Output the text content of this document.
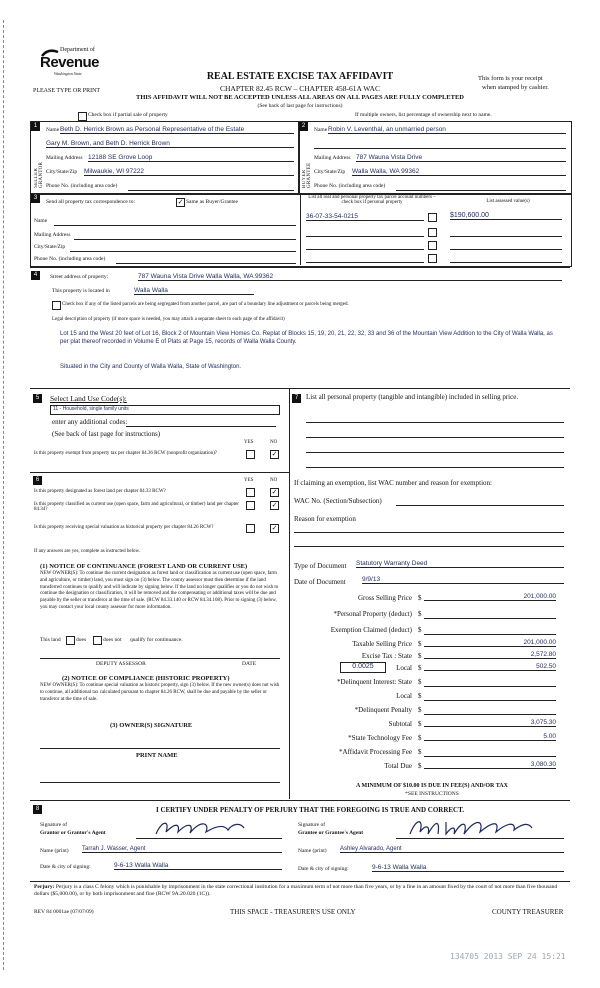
Department of
Revenue
Washington State
PLEASE TYPE OR PRINT
REAL ESTATE EXCISE TAX AFFIDAVIT
CHAPTER 82.45 RCW – CHAPTER 458-61A WAC
THIS AFFIDAVIT WILL NOT BE ACCEPTED UNLESS ALL AREAS ON ALL PAGES ARE FULLY COMPLETED
(See back of last page for instructions)
This form is your receipt
when stamped by cashier.
Check box if partial sale of property	If multiple owners, list percentage of ownership next to name.
1	2
SELLER GRANTOR	BUYER GRANTEE
Name Beth D. Herrick Brown as Personal Representative of the Estate
Gary M. Brown, and Beth D. Herrick Brown
Mailing Address 12188 SE Grove Loop
City/State/Zip Milwaukie, WI 97222
Phone No. (including area code)
Name Robin V. Leventhal, an unmarried person
Mailing Address 787 Wauna Vista Drive
City/State/Zip Walla Walla, WA 99362
Phone No. (including area code)
3
Send all property tax correspondence to:	✓ Same as Buyer/Grantee
Name
Mailing Address
City/State/Zip
Phone No. (including area code)
List all real and personal property tax parcel account numbers – check box if personal property	List assessed value(s)
36-07-33-54-0215	$190,600.00
4	Street address of property:	787 Wauna Vista Drive Walla Walla, WA 99362
This property is located in	Walla Walla
Check box if any of the listed parcels are being segregated from another parcel, are part of a boundary line adjustment or parcels being merged.
Legal description of property (if more space is needed, you may attach a separate sheet to each page of the affidavit)
Lot 15 and the West 20 feet of Lot 16, Block 2 of Mountain View Homes Co. Replat of Blocks 15, 19, 20, 21, 22, 32, 33 and 36 of the Mountain View Addition to the City of Walla Walla, as per plat thereof recorded in Volume E of Plats at Page 15, records of Walla Walla County.
Situated in the City and County of Walla Walla, State of Washington.
5	Select Land Use Code(s):
11 - Household, single family units
enter any additional codes:
(See back of last page for instructions)
YES	NO
Is this property exempt from property tax per chapter 84.36 RCW (nonprofit organization)?	✓
6	YES	NO
Is this property designated as forest land per chapter 84.33 RCW?	✓
Is this property classified as current use (open space, farm and agricultural, or timber) land per chapter 84.34?
✓
Is this property receiving special valuation as historical property per chapter 84.26 RCW?	✓
If any answers are yes, complete as instructed below.
(1) NOTICE OF CONTINUANCE (FOREST LAND OR CURRENT USE)
NEW OWNER(S): To continue the current designation as forest land or classification as current use (open space, farm and agriculture, or timber) land, you must sign on (3) below. The county assessor must then determine if the land transferred continues to qualify and will indicate by signing below. If the land no longer qualifies or you do not wish to continue the designation or classification, it will be removed and the compensating or additional taxes will be due and payable by the seller or transferor at the time of sale. (RCW 84.33.140 or RCW 84.34.108). Prior to signing (3) below, you may contact your local county assessor for more information.
This land	does	does not qualify for continuance.
DEPUTY ASSESSOR	DATE
(2) NOTICE OF COMPLIANCE (HISTORIC PROPERTY)
NEW OWNER(S): To continue special valuation as historic property, sign (3) below. If the new owner(s) does not wish to continue, all additional tax calculated pursuant to chapter 84.26 RCW, shall be due and payable by the seller or transferor at the time of sale.
(3) OWNER(S) SIGNATURE
PRINT NAME
7	List all personal property (tangible and intangible) included in selling price.
If claiming an exemption, list WAC number and reason for exemption:
WAC No. (Section/Subsection)
Reason for exemption
Type of Document Statutory Warranty Deed
Date of Document	9/9/13
Gross Selling Price $	201,000.00
*Personal Property (deduct) $
Exemption Claimed (deduct) $
Taxable Selling Price $	201,000.00
Excise Tax : State $	2,572.80
0.0025	Local $	502.50
*Delinquent Interest: State $
Local $
*Delinquent Penalty $
Subtotal $	3,075.30
*State Technology Fee $	5.00
*Affidavit Processing Fee $
Total Due $	3,080.30
A MINIMUM OF $10.00 IS DUE IN FEE(S) AND/OR TAX
*SEE INSTRUCTIONS
8	I CERTIFY UNDER PENALTY OF PERJURY THAT THE FOREGOING IS TRUE AND CORRECT.
Signature of
Grantor or Grantor's Agent
Name (print) Tarrah J. Wasser, Agent
Date & city of signing:	9-6-13 Walla Walla
Signature of
Grantee or Grantee's Agent
Name (print) Ashley Alvarado, Agent
Date & city of signing:	9-6-13 Walla Walla
Perjury: Perjury is a class C felony which is punishable by imprisonment in the state correctional institution for a maximum term of not more than five years, or by a fine in an amount fixed by the court of not more than five thousand dollars ($5,000.00), or by both imprisonment and fine (RCW 9A.20.020 (1C)).
REV 84 0001ae (07/07/09)	THIS SPACE - TREASURER'S USE ONLY	COUNTY TREASURER
134705 2013 SEP 24 15:21
